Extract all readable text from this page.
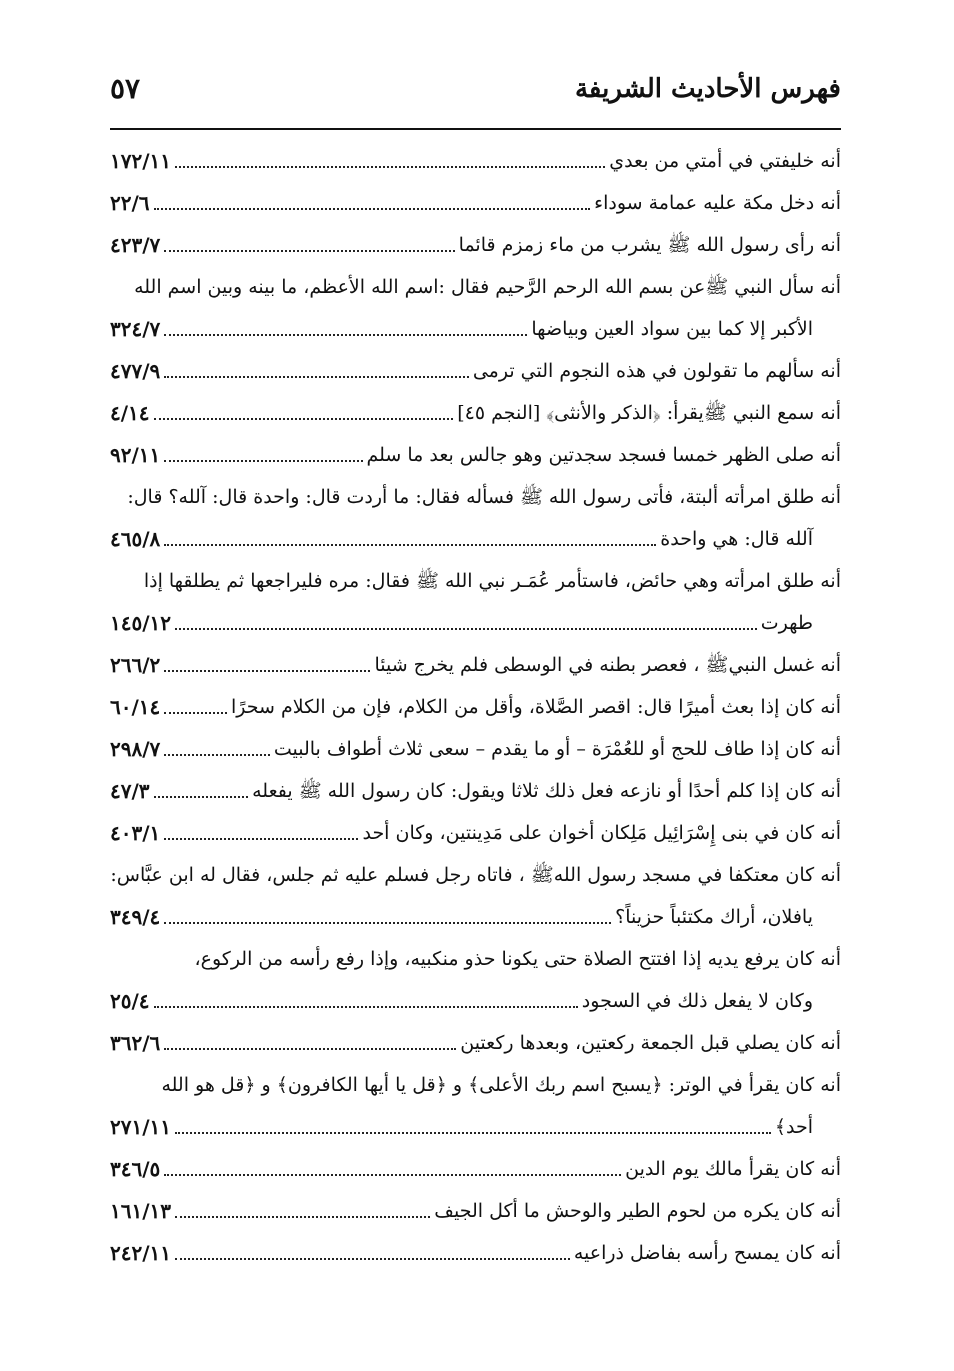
فهرس الأحاديث الشريفة
٥٧
أنه خليفتي في أمتي من بعدي
١٧٢/١١
أنه دخل مكة عليه عمامة سوداء
٢٢/٦
أنه رأى رسول الله ﷺ يشرب من ماء زمزم قائما
٤٢٣/٧
أنه سأل النبي ﷺعن بسم الله الرحم الرَّحيم فقال :اسم الله الأعظم، ما بينه وبين اسم الله
الأكبر إلا كما بين سواد العين وبياضها
٣٢٤/٧
أنه سألهم ما تقولون في هذه النجوم التي ترمى
٤٧٧/٩
أنه سمع النبي ﷺيقرأ: ﴿الذكر والأنثى﴾ [النجم ٤٥]
٤/١٤
أنه صلى الظهر خمسا فسجد سجدتين وهو جالس بعد ما سلم
٩٢/١١
أنه طلق امرأته ألبتة، فأتى رسول الله ﷺ فسأله فقال: ما أردت قال: واحدة قال: آلله؟ قال:
آلله قال: هي واحدة
٤٦٥/٨
أنه طلق امرأته وهي حائض، فاستأمر عُمَـر نبي الله ﷺ فقال: مره فليراجعها ثم يطلقها إذا
طهرت
١٤٥/١٢
أنه غسل النبيﷺ ، فعصر بطنه في الوسطى فلم يخرج شيئا
٢٦٦/٢
أنه كان إذا بعث أميرًا قال: اقصر الصَّلاة، وأقل من الكلام، فإن من الكلام سحرًا
٦٠/١٤
أنه كان إذا طاف للحج أو للعُمْرَة – أو ما يقدم – سعى ثلاث أطواف بالبيت
٢٩٨/٧
أنه كان إذا كلم أحدًا أو نازعه فعل ذلك ثلاثا ويقول: كان رسول الله ﷺ يفعله
٤٧/٣
أنه كان في بنى إِسْرَائِيل مَلِكان أخوان على مَدِينتين، وكان أحد
٤٠٣/١
أنه كان معتكفا في مسجد رسول اللهﷺ ، فاتاه رجل فسلم عليه ثم جلس، فقال له ابن عبَّاس:
يافلان، أراك مكتئباً حزيناً؟
٣٤٩/٤
أنه كان يرفع يديه إذا افتتح الصلاة حتى يكونا حذو منكبيه، وإذا رفع رأسه من الركوع،
وكان لا يفعل ذلك في السجود
٢٥/٤
أنه كان يصلي قبل الجمعة ركعتين، وبعدها ركعتين
٣٦٢/٦
أنه كان يقرأ في الوتر: ﴿يسبح اسم ربك الأعلى﴾ و ﴿قل يا أيها الكافرون﴾ و ﴿قل هو الله
أحد﴾
٢٧١/١١
أنه كان يقرأ مالك يوم الدين
٣٤٦/٥
أنه كان يكره من لحوم الطير والوحش ما أكل الجيف
١٦١/١٣
أنه كان يمسح رأسه بفاضل ذراعيه
٢٤٢/١١
